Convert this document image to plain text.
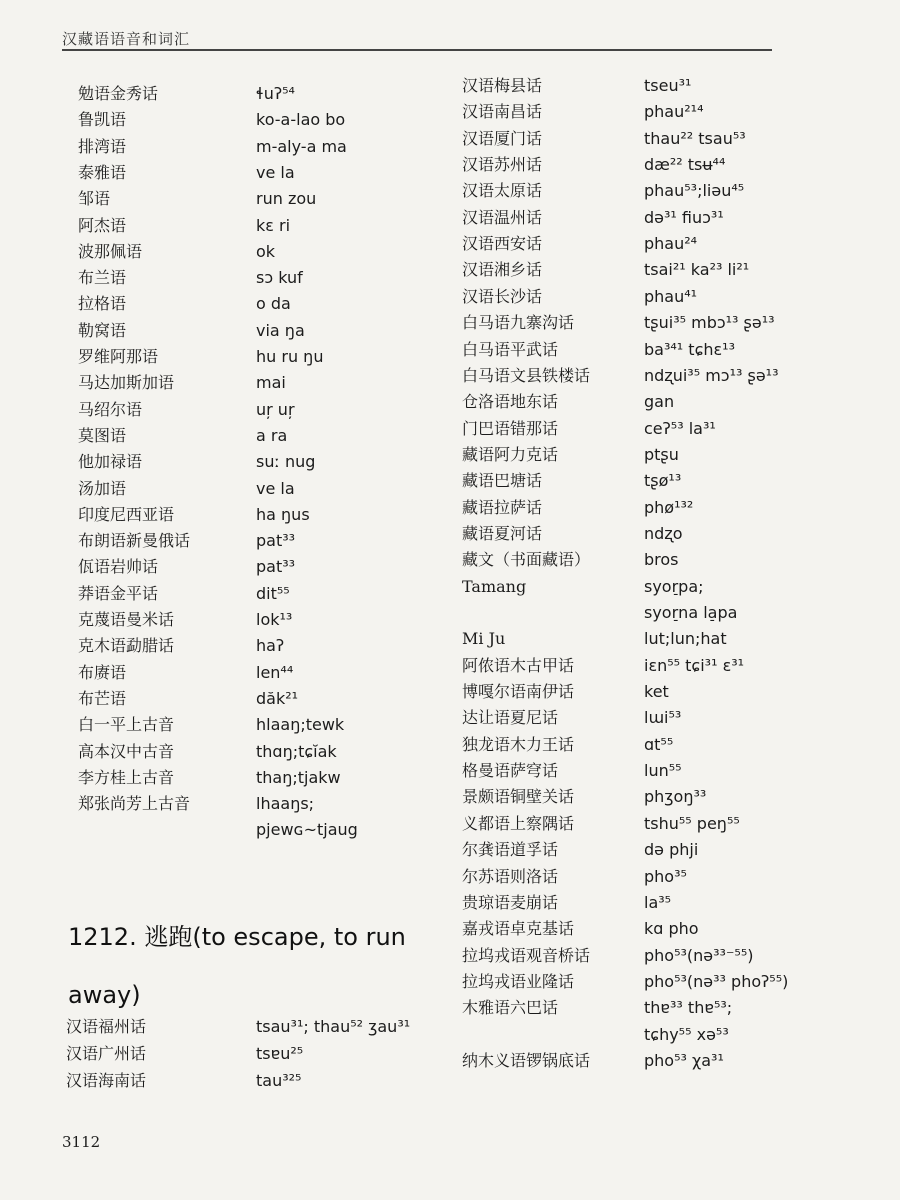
汉藏语语音和词汇
勉语金秀话	ɬuʔ⁵⁴
鲁凯语	ko-a-lao bo
排湾语	m-aly-a ma
泰雅语	ve la
邹语	run zou
阿杰语	kɛ ri
波那佩语	ok
布兰语	sɔ kuf
拉格语	o da
勒窝语	via ŋa
罗维阿那语	hu ru ŋu
马达加斯加语	mai
马绍尔语	uŗ uŗ
莫图语	a ra
他加禄语	suː nug
汤加语	ve la
印度尼西亚语	ha ŋus
布朗语新曼俄话	pat³³
佤语岩帅话	pat³³
莽语金平话	dit⁵⁵
克蔑语曼米话	lok¹³
克木语勐腊话	haʔ
布赓语	len⁴⁴
布芒语	dăk²¹
白一平上古音	hlaaŋ;tewk
高本汉中古音	thɑŋ;tɕĭak
李方桂上古音	thaŋ;tjakw
郑张尚芳上古音	lhaaŋs;
pjewɢ~tjaug
汉语福州话	tsau³¹; thau⁵² ʒau³¹
汉语广州话	tsɐu²⁵
汉语海南话	tau³²⁵
汉语梅县话	tseu³¹
汉语南昌话	phau²¹⁴
汉语厦门话	thau²² tsau⁵³
汉语苏州话	dæ²² tsʉ⁴⁴
汉语太原话	phau⁵³;liəu⁴⁵
汉语温州话	də³¹ fiuɔ³¹
汉语西安话	phau²⁴
汉语湘乡话	tsai²¹ ka²³ li²¹
汉语长沙话	phau⁴¹
白马语九寨沟话	tʂui³⁵ mbɔ¹³ ʂə¹³
白马语平武话	ba³⁴¹ tɕhɛ¹³
白马语文县铁楼话	ndʐui³⁵ mɔ¹³ ʂə¹³
仓洛语地东话	gan
门巴语错那话	ceʔ⁵³ la³¹
藏语阿力克话	ptʂu
藏语巴塘话	tʂø¹³
藏语拉萨话	phø¹³²
藏语夏河话	ndʐo
藏文（书面藏语）	bros
Tamang	syor̠pa;
syor̠na la̠pa
Mi Ju	lut;lun;hat
阿侬语木古甲话	iɛn⁵⁵ tɕi³¹ ɛ³¹
博嘎尔语南伊话	ket
达让语夏尼话	lɯi⁵³
独龙语木力王话	ɑt⁵⁵
格曼语萨穹话	lun⁵⁵
景颇语铜壁关话	phʒoŋ³³
义都语上察隅话	tshu⁵⁵ peŋ⁵⁵
尔龚语道孚话	də phji
尔苏语则洛话	pho³⁵
贵琼语麦崩话	la³⁵
嘉戎语卓克基话	kɑ pho
拉坞戎语观音桥话	pho⁵³(nə³³⁻⁵⁵)
拉坞戎语业隆话	pho⁵³(nə³³ phoʔ⁵⁵)
木雅语六巴话	thɐ³³ thɐ⁵³;
tɕhy⁵⁵ xə⁵³
纳木义语锣锅底话	pho⁵³ χa³¹
1212. 逃跑(to escape, to run away)
3112
